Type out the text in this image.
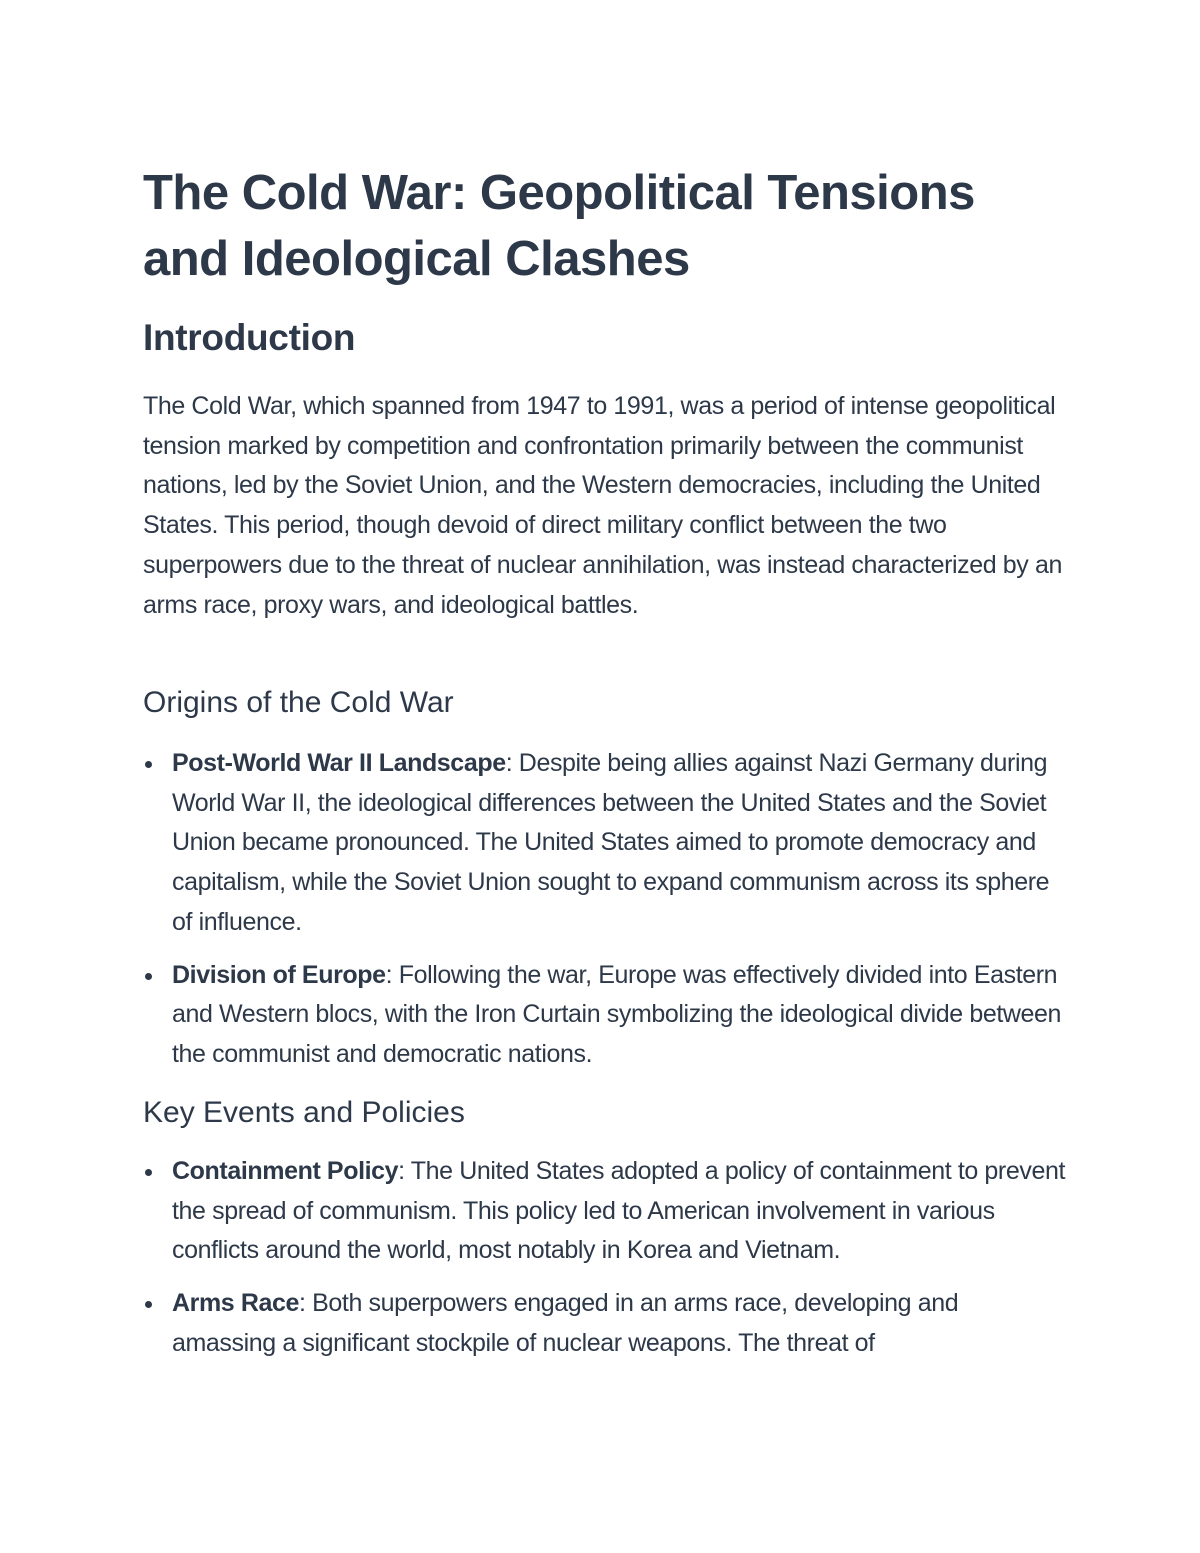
The Cold War: Geopolitical Tensions and Ideological Clashes
Introduction

The Cold War, which spanned from 1947 to 1991, was a period of intense geopolitical tension marked by competition and confrontation primarily between the communist nations, led by the Soviet Union, and the Western democracies, including the United States. This period, though devoid of direct military conflict between the two superpowers due to the threat of nuclear annihilation, was instead characterized by an arms race, proxy wars, and ideological battles.

Origins of the Cold War
Post-World War II Landscape: Despite being allies against Nazi Germany during World War II, the ideological differences between the United States and the Soviet Union became pronounced. The United States aimed to promote democracy and capitalism, while the Soviet Union sought to expand communism across its sphere of influence.
Division of Europe: Following the war, Europe was effectively divided into Eastern and Western blocs, with the Iron Curtain symbolizing the ideological divide between the communist and democratic nations.
Key Events and Policies
Containment Policy: The United States adopted a policy of containment to prevent the spread of communism. This policy led to American involvement in various conflicts around the world, most notably in Korea and Vietnam.
Arms Race: Both superpowers engaged in an arms race, developing and amassing a significant stockpile of nuclear weapons. The threat of
